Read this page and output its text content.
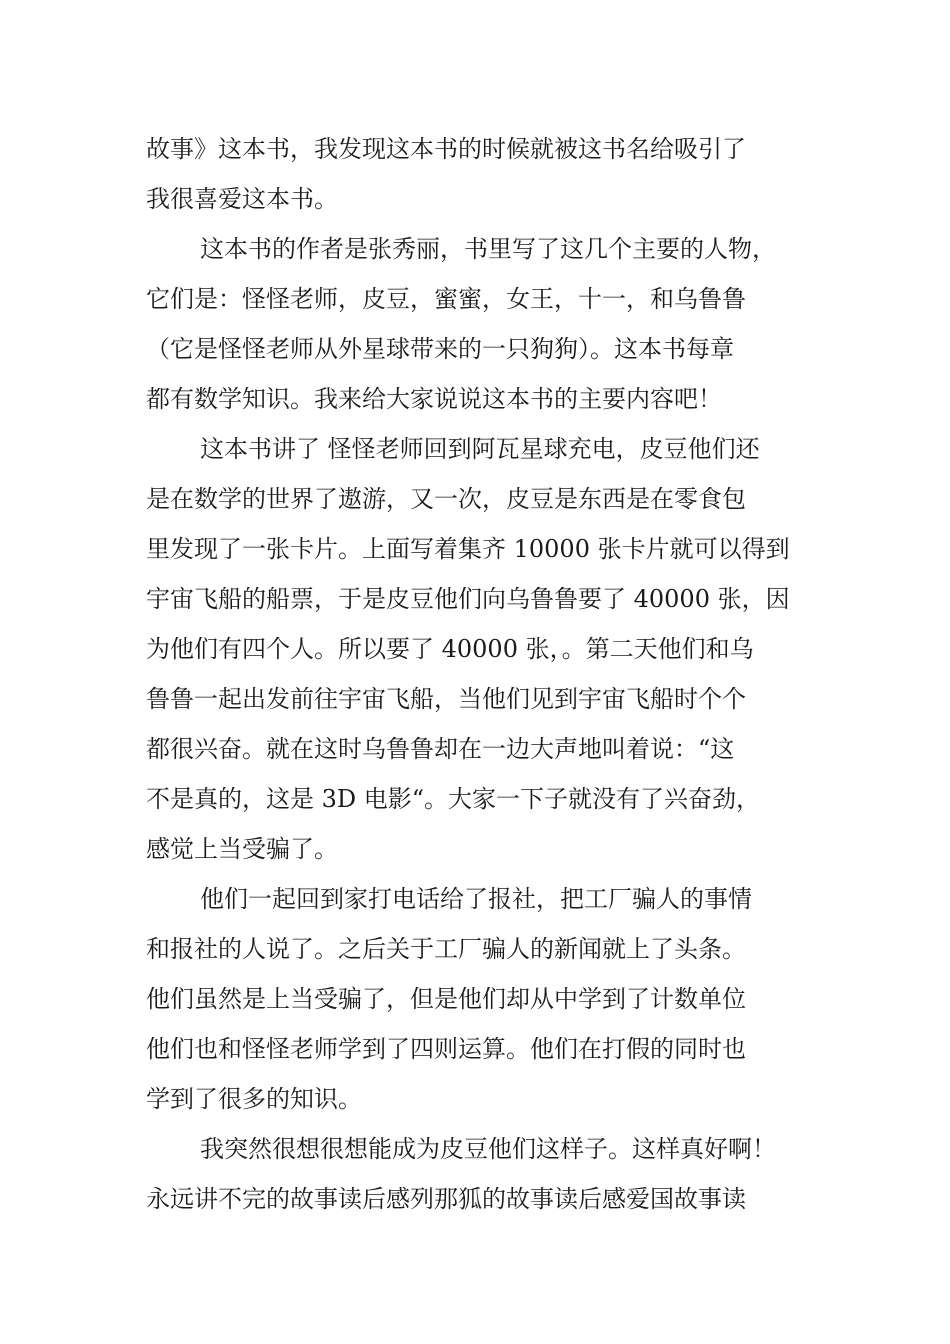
故事》这本书，我发现这本书的时候就被这书名给吸引了
我很喜爱这本书。
这本书的作者是张秀丽，书里写了这几个主要的人物，
它们是：怪怪老师，皮豆，蜜蜜，女王，十一，和乌鲁鲁
（它是怪怪老师从外星球带来的一只狗狗）。这本书每章
都有数学知识。我来给大家说说这本书的主要内容吧！
这本书讲了 怪怪老师回到阿瓦星球充电，皮豆他们还
是在数学的世界了遨游，又一次，皮豆是东西是在零食包
里发现了一张卡片。上面写着集齐 10000 张卡片就可以得到
宇宙飞船的船票，于是皮豆他们向乌鲁鲁要了 40000 张，因
为他们有四个人。所以要了 40000 张，。第二天他们和乌
鲁鲁一起出发前往宇宙飞船，当他们见到宇宙飞船时个个
都很兴奋。就在这时乌鲁鲁却在一边大声地叫着说：“这
不是真的，这是 3D 电影“。大家一下子就没有了兴奋劲，
感觉上当受骗了。
他们一起回到家打电话给了报社，把工厂骗人的事情
和报社的人说了。之后关于工厂骗人的新闻就上了头条。
他们虽然是上当受骗了，但是他们却从中学到了计数单位
他们也和怪怪老师学到了四则运算。他们在打假的同时也
学到了很多的知识。
我突然很想很想能成为皮豆他们这样子。这样真好啊！
永远讲不完的故事读后感列那狐的故事读后感爱国故事读
